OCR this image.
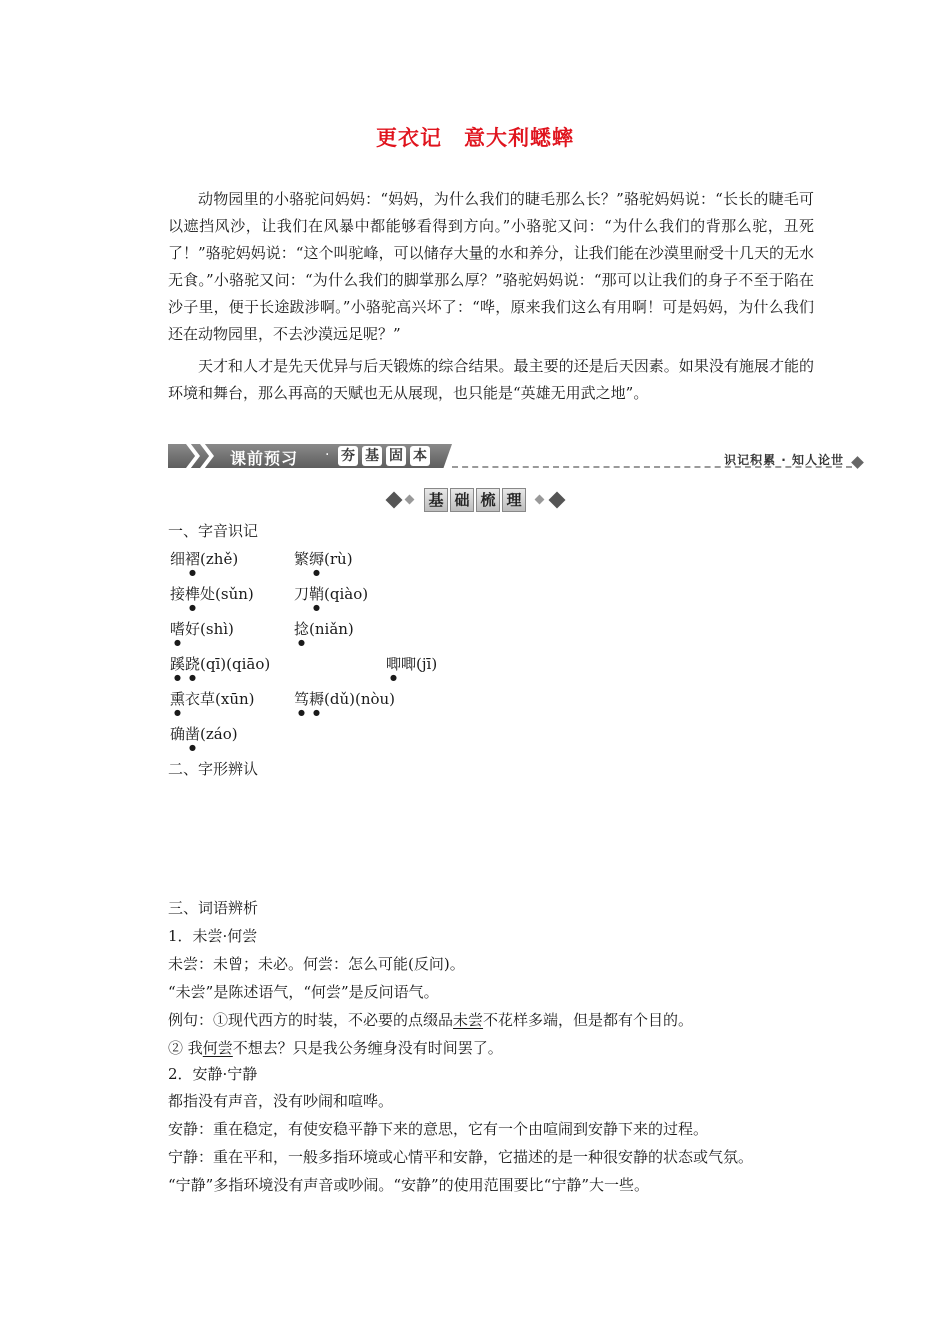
更衣记　意大利蟋蟀

动物园里的小骆驼问妈妈：“妈妈，为什么我们的睫毛那么长？”骆驼妈妈说：“长长的睫毛可以遮挡风沙，让我们在风暴中都能够看得到方向。”小骆驼又问：“为什么我们的背那么驼，丑死了！”骆驼妈妈说：“这个叫驼峰，可以储存大量的水和养分，让我们能在沙漠里耐受十几天的无水无食。”小骆驼又问：“为什么我们的脚掌那么厚？”骆驼妈妈说：“那可以让我们的身子不至于陷在沙子里，便于长途跋涉啊。”小骆驼高兴坏了：“哗，原来我们这么有用啊！可是妈妈，为什么我们还在动物园里，不去沙漠远足呢？”

天才和人才是先天优异与后天锻炼的综合结果。最主要的还是后天因素。如果没有施展才能的环境和舞台，那么再高的天赋也无从展现，也只能是“英雄无用武之地”。

课前预习 · 夯 基 固 本	识记积累 · 知人论世
基 础 梳 理
一、字音识记
细褶(zhě)	繁缛(rù)
接榫处(sǔn)	刀鞘(qiào)
嗜好(shì)	捻(niǎn)
蹊跷(qī)(qiāo)	唧唧(jī)
熏衣草(xūn)	笃耨(dǔ)(nòu)
确凿(záo)
二、字形辨认
三、词语辨析
1．未尝·何尝
未尝：未曾；未必。何尝：怎么可能(反问)。
“未尝”是陈述语气，“何尝”是反问语气。
例句：①现代西方的时装，不必要的点缀品未尝不花样多端，但是都有个目的。
② 我何尝不想去？只是我公务缠身没有时间罢了。
2．安静·宁静
都指没有声音，没有吵闹和喧哗。
安静：重在稳定，有使安稳平静下来的意思，它有一个由喧闹到安静下来的过程。
宁静：重在平和，一般多指环境或心情平和安静，它描述的是一种很安静的状态或气氛。
“宁静”多指环境没有声音或吵闹。“安静”的使用范围要比“宁静”大一些。
